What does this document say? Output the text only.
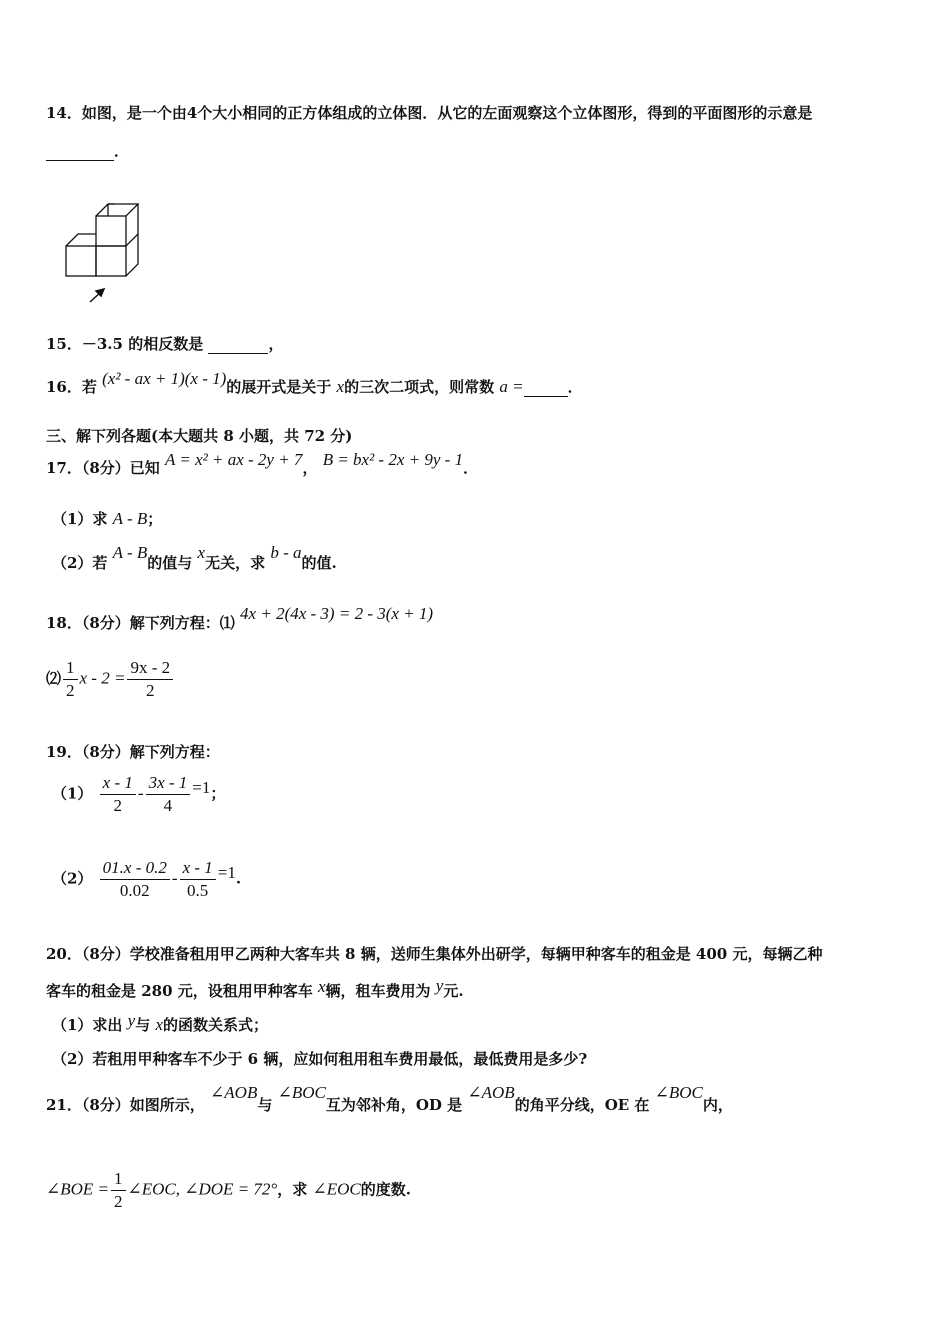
14．如图，是一个由4个大小相同的正方体组成的立体图．从它的左面观察这个立体图形，得到的平面图形的示意是
．
15．－3.5 的相反数是	，
16．若 (x² - ax + 1)(x - 1)的展开式是关于 x的三次二项式，则常数 a =	．
三、解下列各题(本大题共 8 小题，共 72 分)
17．（8分）已知 A = x² + ax - 2y + 7， B = bx² - 2x + 9y - 1．
（1）求 A - B；
（2）若 A - B的值与 x无关，求 b - a的值.
18．（8分）解下列方程：⑴ 4x + 2(4x - 3) = 2 - 3(x + 1)
⑵ $\frac{1}{2}$ $x - 2 = \frac{9x - 2}{2}$
19．（8分）解下列方程：
$(1) \frac{x - 1}{2} - \frac{3x - 1}{4} =1$；
$(2) \frac{01.x - 0.2}{0.02} - \frac{x - 1}{0.5} =1$.
20．（8分）学校准备租用甲乙两种大客车共 8 辆，送师生集体外出研学，每辆甲种客车的租金是 400 元，每辆乙种
客车的租金是 280 元，设租用甲种客车 x辆，租车费用为 y元.
（1）求出 y与 x的函数关系式；
（2）若租用甲种客车不少于 6 辆，应如何租用租车费用最低，最低费用是多少?
21．（8分）如图所示， ∠AOB与 ∠BOC互为邻补角，OD 是 ∠AOB的角平分线，OE 在 ∠BOC内，
∠BOE = $\frac{1}{2}$ ∠EOC, ∠DOE = 72°，求 ∠EOC的度数.
